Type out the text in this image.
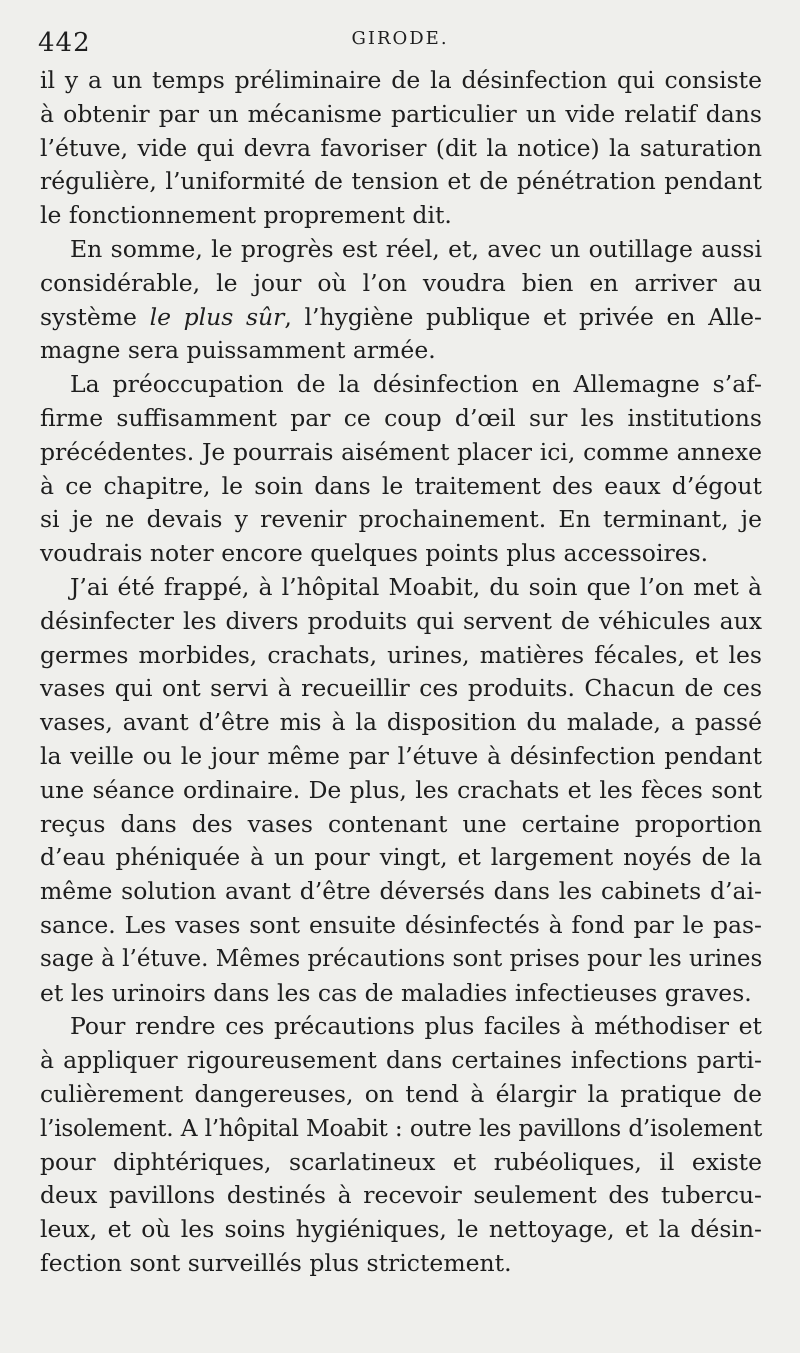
442	GIRODE.
il y a un temps préliminaire de la désinfection qui consiste
à obtenir par un mécanisme particulier un vide relatif dans
l’étuve, vide qui devra favoriser (dit la notice) la saturation
régulière, l’uniformité de tension et de pénétration pendant
le fonctionnement proprement dit.
En somme, le progrès est réel, et, avec un outillage aussi
considérable, le jour où l’on voudra bien en arriver au
système le plus sûr, l’hygiène publique et privée en Alle-
magne sera puissamment armée.
La préoccupation de la désinfection en Allemagne s’af-
firme suffisamment par ce coup d’œil sur les institutions
précédentes. Je pourrais aisément placer ici, comme annexe
à ce chapitre, le soin dans le traitement des eaux d’égout
si je ne devais y revenir prochainement. En terminant, je
voudrais noter encore quelques points plus accessoires.
J’ai été frappé, à l’hôpital Moabit, du soin que l’on met à
désinfecter les divers produits qui servent de véhicules aux
germes morbides, crachats, urines, matières fécales, et les
vases qui ont servi à recueillir ces produits. Chacun de ces
vases, avant d’être mis à la disposition du malade, a passé
la veille ou le jour même par l’étuve à désinfection pendant
une séance ordinaire. De plus, les crachats et les fèces sont
reçus dans des vases contenant une certaine proportion
d’eau phéniquée à un pour vingt, et largement noyés de la
même solution avant d’être déversés dans les cabinets d’ai-
sance. Les vases sont ensuite désinfectés à fond par le pas-
sage à l’étuve. Mêmes précautions sont prises pour les urines
et les urinoirs dans les cas de maladies infectieuses graves.
Pour rendre ces précautions plus faciles à méthodiser et
à appliquer rigoureusement dans certaines infections parti-
culièrement dangereuses, on tend à élargir la pratique de
l’isolement. A l’hôpital Moabit : outre les pavillons d’isolement
pour diphtériques, scarlatineux et rubéoliques, il existe
deux pavillons destinés à recevoir seulement des tubercu-
leux, et où les soins hygiéniques, le nettoyage, et la désin-
fection sont surveillés plus strictement.
